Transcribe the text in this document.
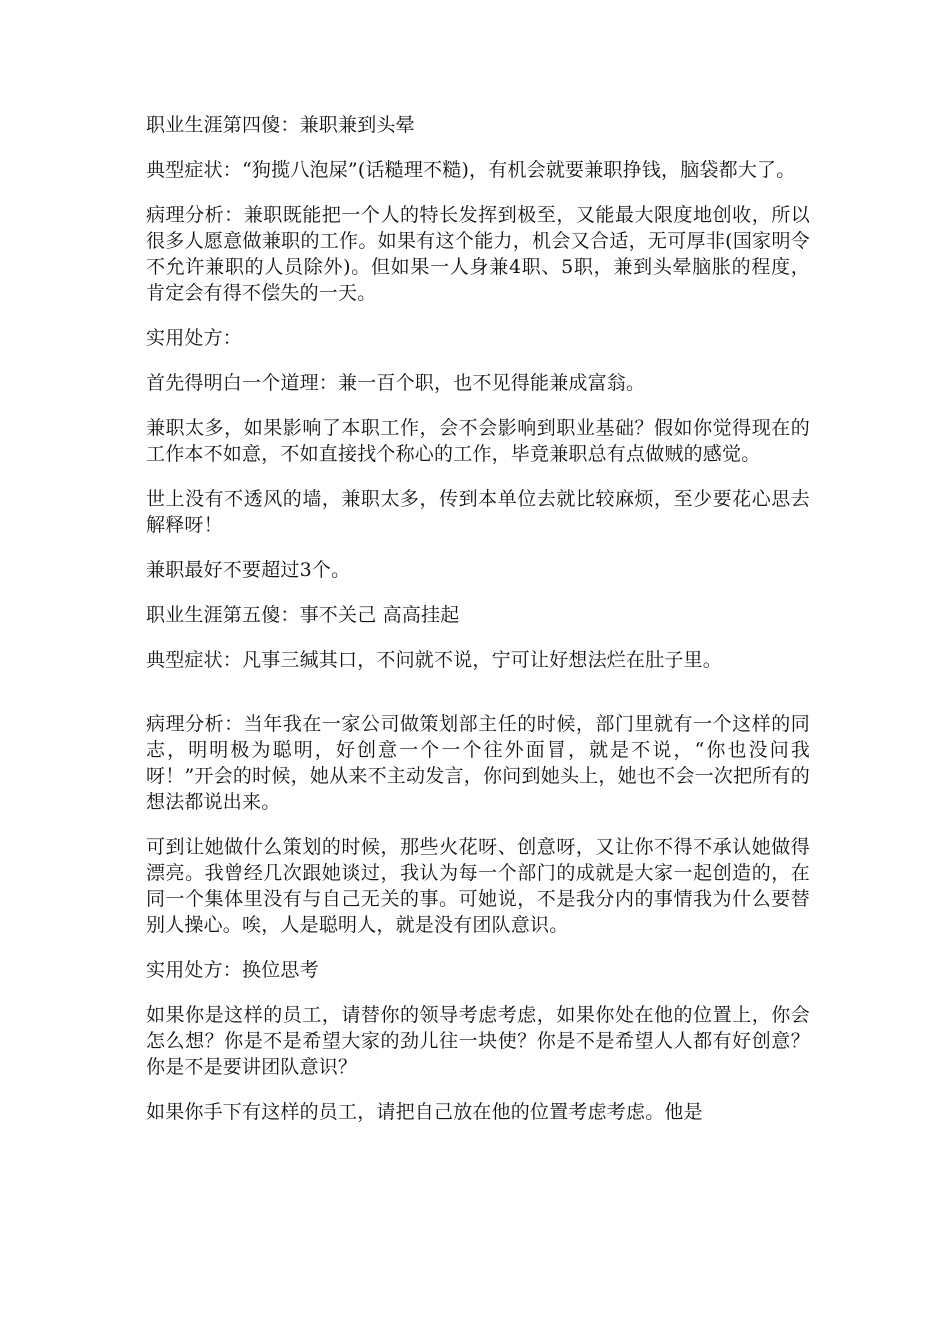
职业生涯第四傻：兼职兼到头晕

典型症状：“狗揽八泡屎”(话糙理不糙)，有机会就要兼职挣钱，脑袋都大了。

病理分析：兼职既能把一个人的特长发挥到极至，又能最大限度地创收，所以很多人愿意做兼职的工作。如果有这个能力，机会又合适，无可厚非(国家明令不允许兼职的人员除外)。但如果一人身兼4职、5职，兼到头晕脑胀的程度，肯定会有得不偿失的一天。

实用处方：

首先得明白一个道理：兼一百个职，也不见得能兼成富翁。

兼职太多，如果影响了本职工作，会不会影响到职业基础？假如你觉得现在的工作本不如意，不如直接找个称心的工作，毕竟兼职总有点做贼的感觉。

世上没有不透风的墙，兼职太多，传到本单位去就比较麻烦，至少要花心思去解释呀！

兼职最好不要超过3个。

职业生涯第五傻：事不关己 高高挂起

典型症状：凡事三缄其口，不问就不说，宁可让好想法烂在肚子里。

病理分析：当年我在一家公司做策划部主任的时候，部门里就有一个这样的同志，明明极为聪明，好创意一个一个往外面冒，就是不说，“你也没问我呀！”开会的时候，她从来不主动发言，你问到她头上，她也不会一次把所有的想法都说出来。

可到让她做什么策划的时候，那些火花呀、创意呀，又让你不得不承认她做得漂亮。我曾经几次跟她谈过，我认为每一个部门的成就是大家一起创造的，在同一个集体里没有与自己无关的事。可她说，不是我分内的事情我为什么要替别人操心。唉，人是聪明人，就是没有团队意识。

实用处方：换位思考

如果你是这样的员工，请替你的领导考虑考虑，如果你处在他的位置上，你会怎么想？你是不是希望大家的劲儿往一块使？你是不是希望人人都有好创意？你是不是要讲团队意识？

如果你手下有这样的员工，请把自己放在他的位置考虑考虑。他是
